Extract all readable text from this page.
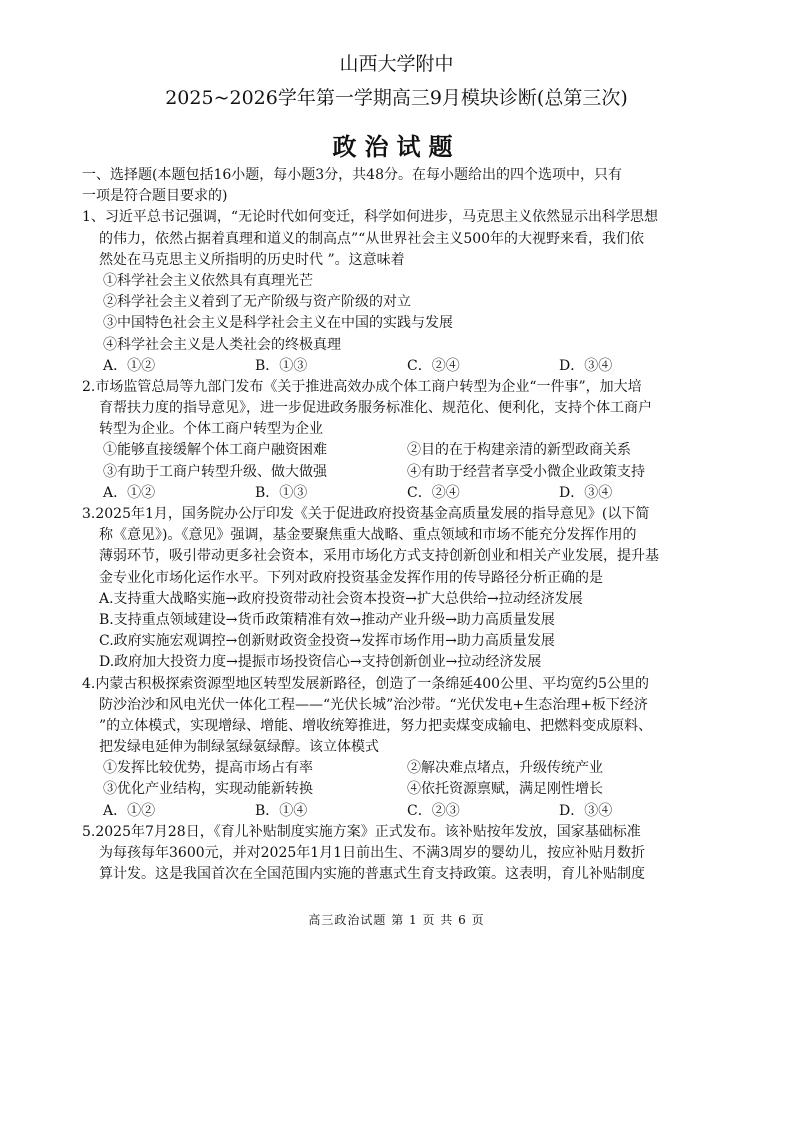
山西大学附中
2025~2026学年第一学期高三9月模块诊断(总第三次)
政治试题
一、选择题(本题包括16小题，每小题3分，共48分。在每小题给出的四个选项中，只有
一项是符合题目要求的)
1、习近平总书记强调，“无论时代如何变迁，科学如何进步，马克思主义依然显示出科学思想
的伟力，依然占据着真理和道义的制高点”“从世界社会主义500年的大视野来看，我们依
然处在马克思主义所指明的历史时代 ”。这意味着
①科学社会主义依然具有真理光芒
②科学社会主义着到了无产阶级与资产阶级的对立
③中国特色社会主义是科学社会主义在中国的实践与发展
④科学社会主义是人类社会的终极真理
A．①②	B．①③	C．②④	D．③④
2.市场监管总局等九部门发布《关于推进高效办成个体工商户转型为企业“一件事”，加大培
育帮扶力度的指导意见》，进一步促进政务服务标准化、规范化、便利化，支持个体工商户
转型为企业。个体工商户转型为企业
①能够直接缓解个体工商户融资困难	②目的在于构建亲清的新型政商关系
③有助于工商户转型升级、做大做强	④有助于经营者享受小微企业政策支持
A．①②	B．①③	C．②④	D．③④
3.2025年1月，国务院办公厅印发《关于促进政府投资基金高质量发展的指导意见》(以下简
称《意见》)。《意见》强调，基金要聚焦重大战略、重点领域和市场不能充分发挥作用的
薄弱环节，吸引带动更多社会资本，采用市场化方式支持创新创业和相关产业发展，提升基
金专业化市场化运作水平。下列对政府投资基金发挥作用的传导路径分析正确的是
A.支持重大战略实施→政府投资带动社会资本投资→扩大总供给→拉动经济发展
B.支持重点领域建设→货币政策精准有效→推动产业升级→助力高质量发展
C.政府实施宏观调控→创新财政资金投资→发挥市场作用→助力高质量发展
D.政府加大投资力度→提振市场投资信心→支持创新创业→拉动经济发展
4.内蒙古积极探索资源型地区转型发展新路径，创造了一条绵延400公里、平均宽约5公里的
防沙治沙和风电光伏一体化工程——“光伏长城”治沙带。“光伏发电+生态治理+板下经济
”的立体模式，实现增绿、增能、增收统筹推进，努力把卖煤变成输电、把燃料变成原料、
把发绿电延伸为制绿氢绿氨绿醇。该立体模式
①发挥比较优势，提高市场占有率	②解决难点堵点，升级传统产业
③优化产业结构，实现动能新转换	④依托资源禀赋，满足刚性增长
A．①②	B．①④	C．②③	D．③④
5.2025年7月28日，《育儿补贴制度实施方案》正式发布。该补贴按年发放，国家基础标准
为每孩每年3600元，并对2025年1月1日前出生、不满3周岁的婴幼儿，按应补贴月数折
算计发。这是我国首次在全国范围内实施的普惠式生育支持政策。这表明，育儿补贴制度
高三政治试题 第 1 页 共 6 页
